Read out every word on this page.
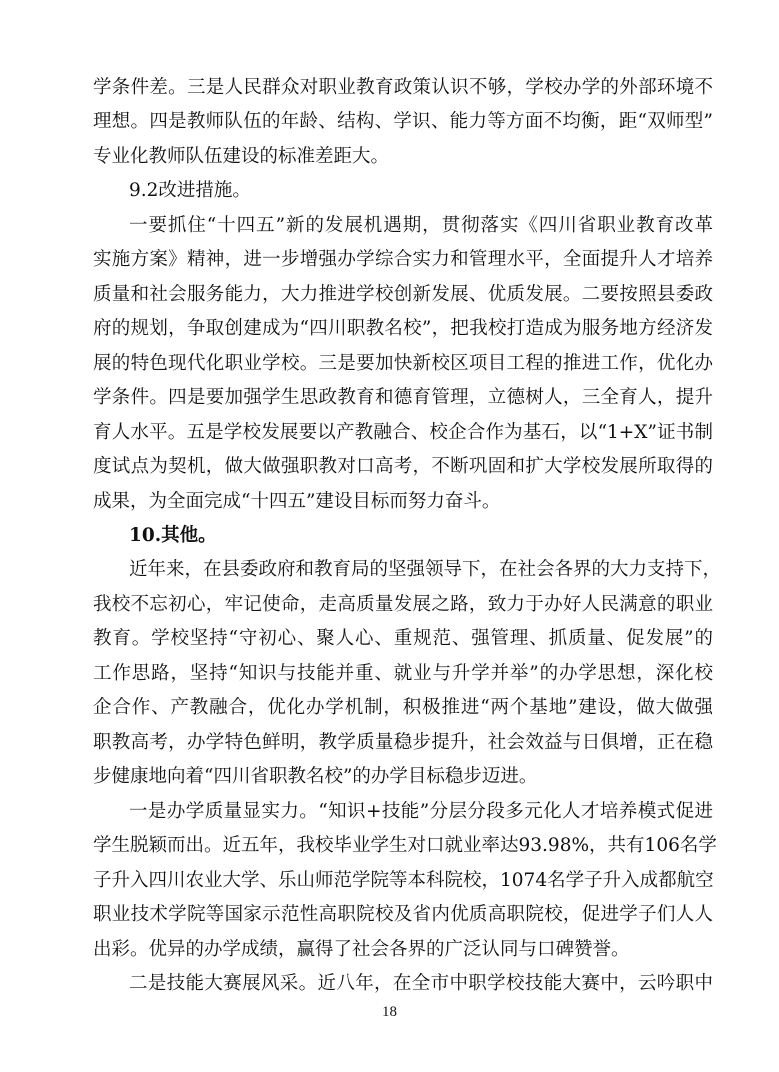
学条件差。三是人民群众对职业教育政策认识不够，学校办学的外部环境不
理想。四是教师队伍的年龄、结构、学识、能力等方面不均衡，距“双师型”
专业化教师队伍建设的标准差距大。
9.2改进措施。
一要抓住“十四五”新的发展机遇期，贯彻落实《四川省职业教育改革
实施方案》精神，进一步增强办学综合实力和管理水平，全面提升人才培养
质量和社会服务能力，大力推进学校创新发展、优质发展。二要按照县委政
府的规划，争取创建成为“四川职教名校”，把我校打造成为服务地方经济发
展的特色现代化职业学校。三是要加快新校区项目工程的推进工作，优化办
学条件。四是要加强学生思政教育和德育管理，立德树人，三全育人，提升
育人水平。五是学校发展要以产教融合、校企合作为基石，以“1+X”证书制
度试点为契机，做大做强职教对口高考，不断巩固和扩大学校发展所取得的
成果，为全面完成“十四五”建设目标而努力奋斗。
10.其他。
近年来，在县委政府和教育局的坚强领导下，在社会各界的大力支持下，
我校不忘初心，牢记使命，走高质量发展之路，致力于办好人民满意的职业
教育。学校坚持“守初心、聚人心、重规范、强管理、抓质量、促发展”的
工作思路，坚持“知识与技能并重、就业与升学并举”的办学思想，深化校
企合作、产教融合，优化办学机制，积极推进“两个基地”建设，做大做强
职教高考，办学特色鲜明，教学质量稳步提升，社会效益与日俱增，正在稳
步健康地向着“四川省职教名校”的办学目标稳步迈进。
一是办学质量显实力。“知识+技能”分层分段多元化人才培养模式促进
学生脱颖而出。近五年，我校毕业学生对口就业率达93.98%，共有106名学
子升入四川农业大学、乐山师范学院等本科院校，1074名学子升入成都航空
职业技术学院等国家示范性高职院校及省内优质高职院校，促进学子们人人
出彩。优异的办学成绩，赢得了社会各界的广泛认同与口碑赞誉。
二是技能大赛展风采。近八年，在全市中职学校技能大赛中，云吟职中
18
